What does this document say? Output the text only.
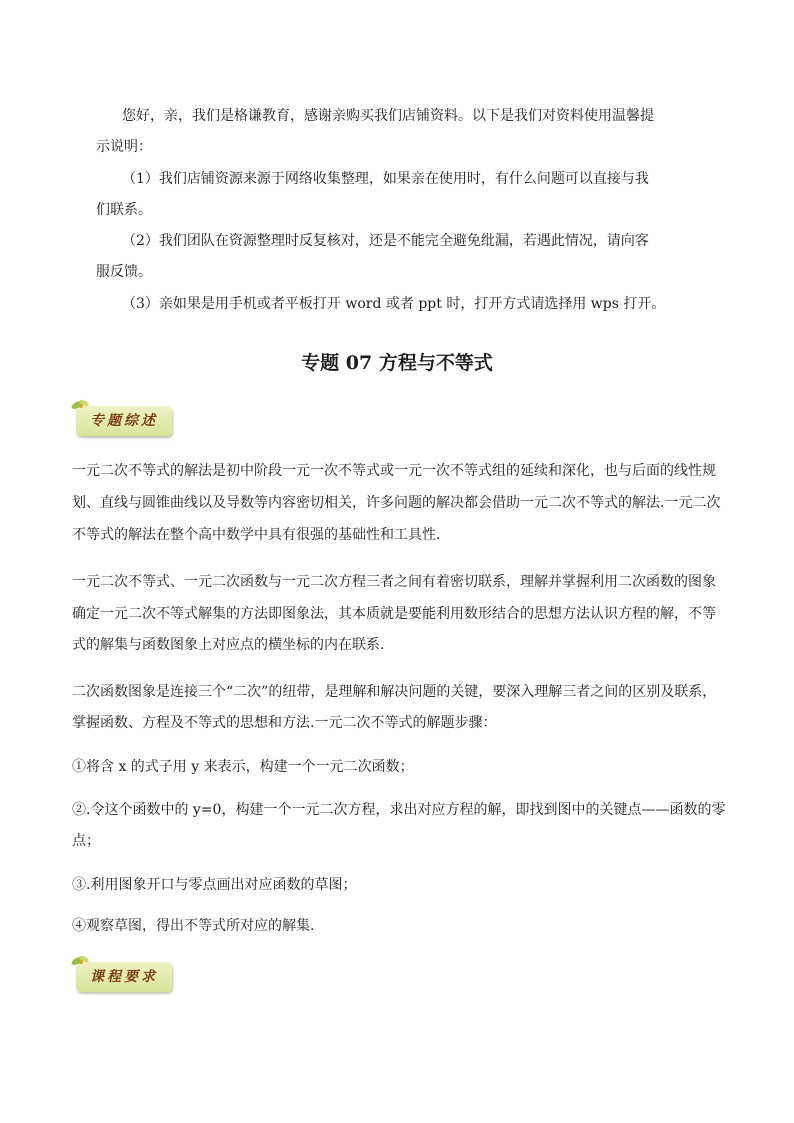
您好，亲，我们是格谦教育，感谢亲购买我们店铺资料。以下是我们对资料使用温馨提

示说明：

（1）我们店铺资源来源于网络收集整理，如果亲在使用时，有什么问题可以直接与我

们联系。

（2）我们团队在资源整理时反复核对，还是不能完全避免纰漏，若遇此情况，请向客

服反馈。

（3）亲如果是用手机或者平板打开 word 或者 ppt 时，打开方式请选择用 wps 打开。

专题 07 方程与不等式
专题综述

一元二次不等式的解法是初中阶段一元一次不等式或一元一次不等式组的延续和深化，也与后面的线性规

划、直线与圆锥曲线以及导数等内容密切相关，许多问题的解决都会借助一元二次不等式的解法.一元二次

不等式的解法在整个高中数学中具有很强的基础性和工具性.

一元二次不等式、一元二次函数与一元二次方程三者之间有着密切联系，理解并掌握利用二次函数的图象

确定一元二次不等式解集的方法即图象法，其本质就是要能利用数形结合的思想方法认识方程的解，不等

式的解集与函数图象上对应点的横坐标的内在联系.

二次函数图象是连接三个“二次”的纽带，是理解和解决问题的关键，要深入理解三者之间的区别及联系，

掌握函数、方程及不等式的思想和方法.一元二次不等式的解题步骤：

①将含 x 的式子用 y 来表示，构建一个一元二次函数；

②.令这个函数中的 y=0，构建一个一元二次方程，求出对应方程的解，即找到图中的关键点——函数的零

点；

③.利用图象开口与零点画出对应函数的草图；

④观察草图，得出不等式所对应的解集.

课程要求
